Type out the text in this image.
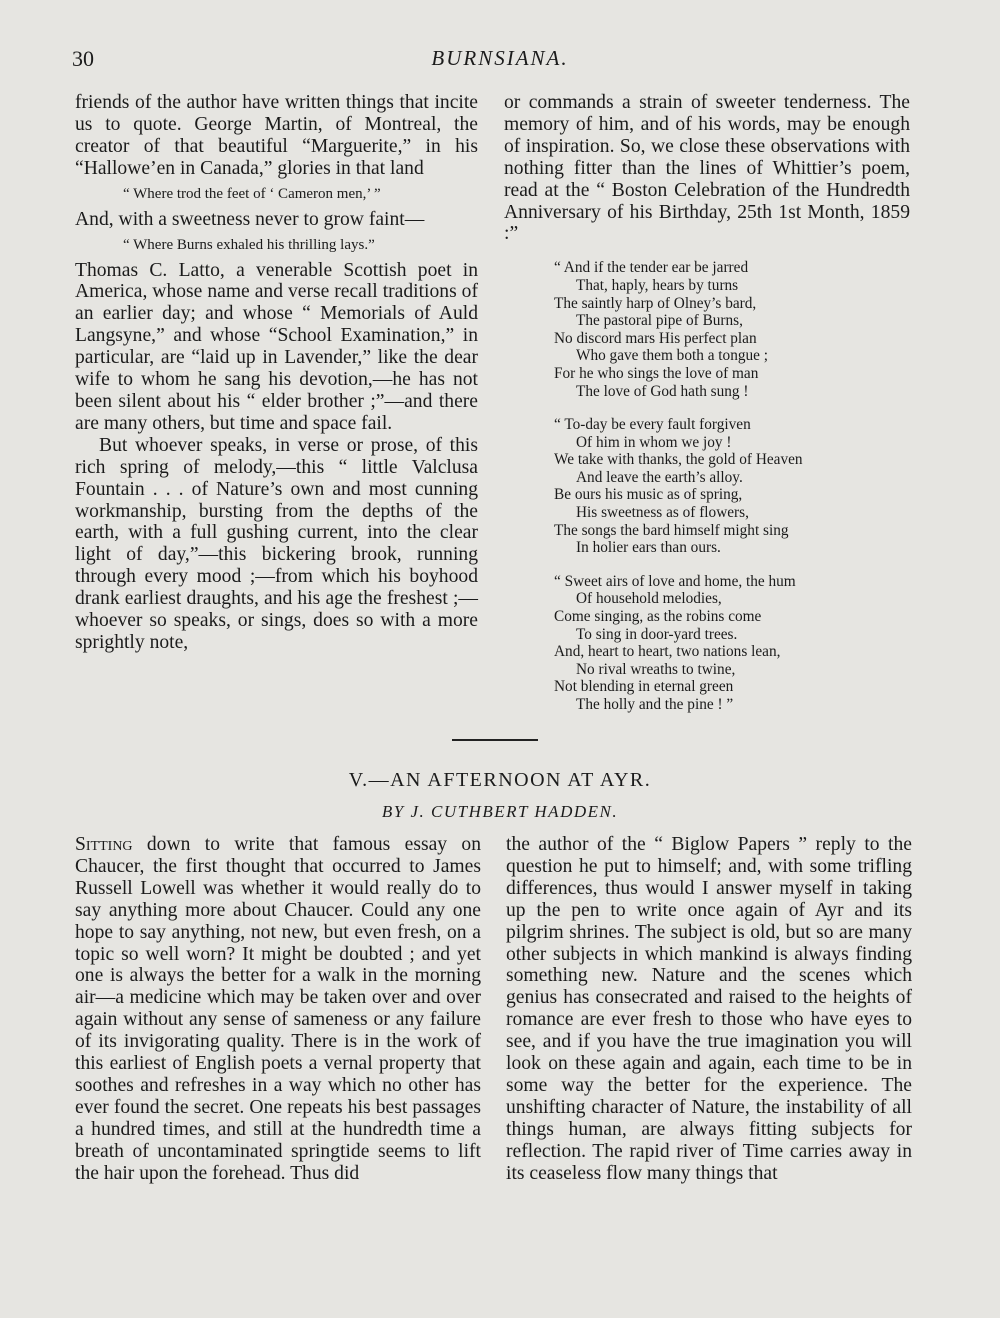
30	BURNSIANA.

friends of the author have written things that incite us to quote. George Martin, of Montreal, the creator of that beautiful “Marguerite,” in his “Hallowe’en in Canada,” glories in that land

“ Where trod the feet of ‘ Cameron men,’ ”

And, with a sweetness never to grow faint—

“ Where Burns exhaled his thrilling lays.”

Thomas C. Latto, a venerable Scottish poet in America, whose name and verse recall traditions of an earlier day; and whose “ Memorials of Auld Langsyne,” and whose “School Examination,” in particular, are “laid up in Lavender,” like the dear wife to whom he sang his devotion,—he has not been silent about his “ elder brother ;”—and there are many others, but time and space fail.

But whoever speaks, in verse or prose, of this rich spring of melody,—this “ little Valclusa Fountain . . . of Nature’s own and most cunning workmanship, bursting from the depths of the earth, with a full gushing current, into the clear light of day,”—this bickering brook, running through every mood ;—from which his boyhood drank earliest draughts, and his age the freshest ;—whoever so speaks, or sings, does so with a more sprightly note,

or commands a strain of sweeter tenderness. The memory of him, and of his words, may be enough of inspiration. So, we close these observations with nothing fitter than the lines of Whittier’s poem, read at the “ Boston Celebration of the Hundredth Anniversary of his Birthday, 25th 1st Month, 1859 :”

“ And if the tender ear be jarred
That, haply, hears by turns
The saintly harp of Olney’s bard,
The pastoral pipe of Burns,
No discord mars His perfect plan
Who gave them both a tongue ;
For he who sings the love of man
The love of God hath sung !
“ To-day be every fault forgiven
Of him in whom we joy !
We take with thanks, the gold of Heaven
And leave the earth’s alloy.
Be ours his music as of spring,
His sweetness as of flowers,
The songs the bard himself might sing
In holier ears than ours.
“ Sweet airs of love and home, the hum
Of household melodies,
Come singing, as the robins come
To sing in door-yard trees.
And, heart to heart, two nations lean,
No rival wreaths to twine,
Not blending in eternal green
The holly and the pine ! ”
V.—AN AFTERNOON AT AYR.
BY J. CUTHBERT HADDEN.

Sitting down to write that famous essay on Chaucer, the first thought that occurred to James Russell Lowell was whether it would really do to say anything more about Chaucer. Could any one hope to say anything, not new, but even fresh, on a topic so well worn? It might be doubted ; and yet one is always the better for a walk in the morning air—a medicine which may be taken over and over again without any sense of sameness or any failure of its invigorating quality. There is in the work of this earliest of English poets a vernal property that soothes and refreshes in a way which no other has ever found the secret. One repeats his best passages a hundred times, and still at the hundredth time a breath of uncontaminated springtide seems to lift the hair upon the forehead. Thus did

the author of the “ Biglow Papers ” reply to the question he put to himself; and, with some trifling differences, thus would I answer myself in taking up the pen to write once again of Ayr and its pilgrim shrines. The subject is old, but so are many other subjects in which mankind is always finding something new. Nature and the scenes which genius has consecrated and raised to the heights of romance are ever fresh to those who have eyes to see, and if you have the true imagination you will look on these again and again, each time to be in some way the better for the experience. The unshifting character of Nature, the instability of all things human, are always fitting subjects for reflection. The rapid river of Time carries away in its ceaseless flow many things that
